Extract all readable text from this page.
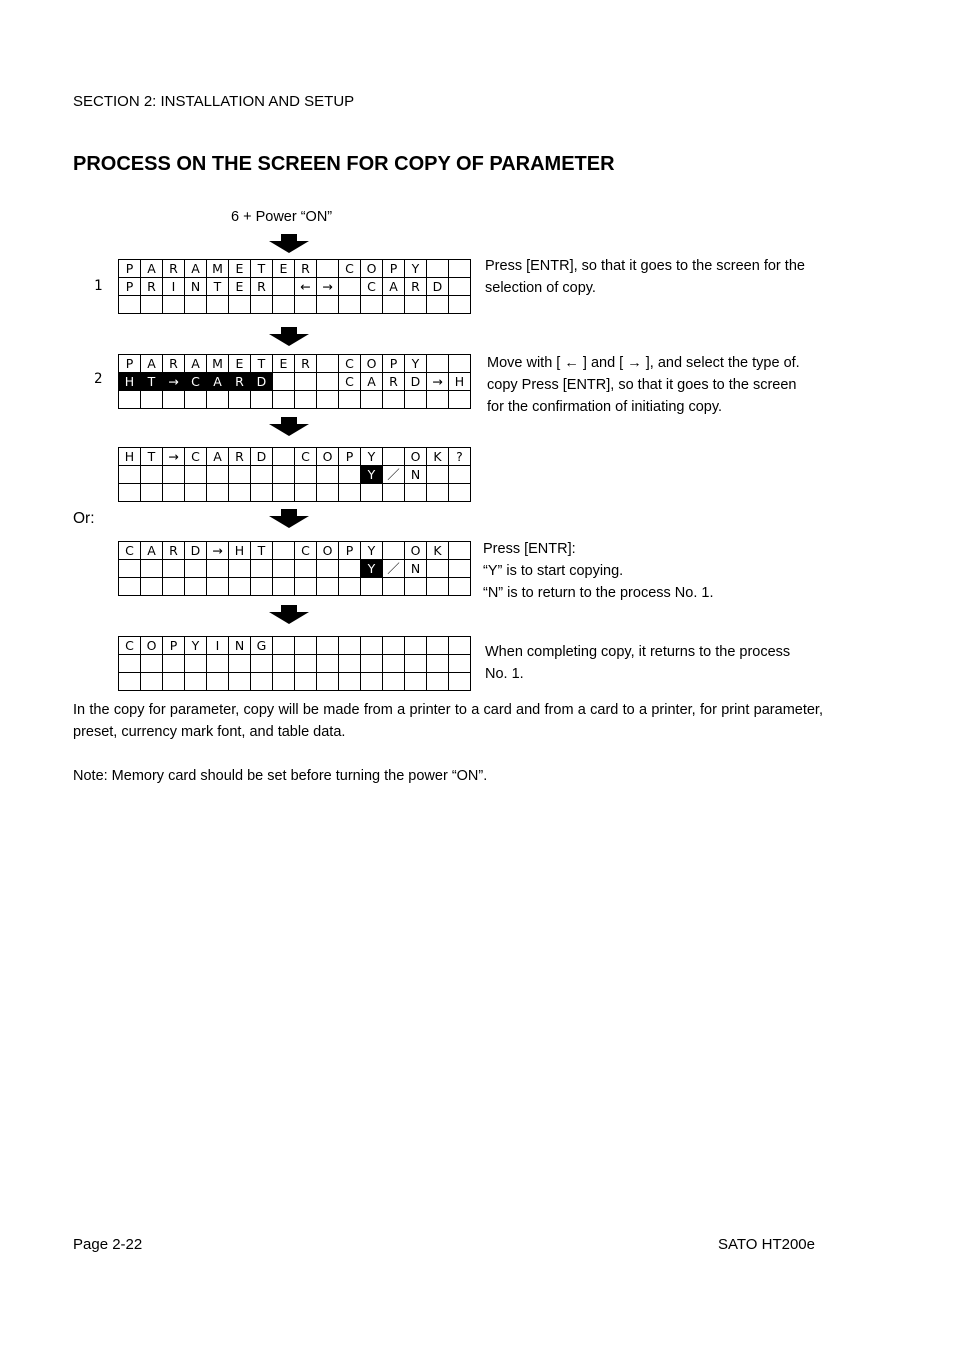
SECTION 2: INSTALLATION AND SETUP
PROCESS ON THE SCREEN FOR COPY OF PARAMETER
6 + Power “ON”
1
2
Or:
P	A	R	A	M	E	T	E	R		C	O	P	Y		
P	R	I	N	T	E	R		←	→		C	A	R	D	

P	A	R	A	M	E	T	E	R		C	O	P	Y		
H	T	→	C	A	R	D				C	A	R	D	→	H

H	T	→	C	A	R	D		C	O	P	Y		O	K	?
											Y	／	N		

C	A	R	D	→	H	T		C	O	P	Y		O	K	
											Y	／	N		

C	O	P	Y	I	N	G									

Press [ENTR], so that it goes to the screen for the
selection of copy.
Move with [ ← ] and [ → ], and select the type of.
copy Press [ENTR], so that it goes to the screen
for the confirmation of initiating copy.
Press [ENTR]:
“Y” is to start copying.
“N” is to return to the process No. 1.
When completing copy, it returns to the process
No. 1.
In the copy for parameter, copy will be made from a printer to a card and from a card to a printer, for print parameter, preset, currency mark font, and table data.
Note: Memory card should be set before turning the power “ON”.
Page 2-22	SATO HT200e
